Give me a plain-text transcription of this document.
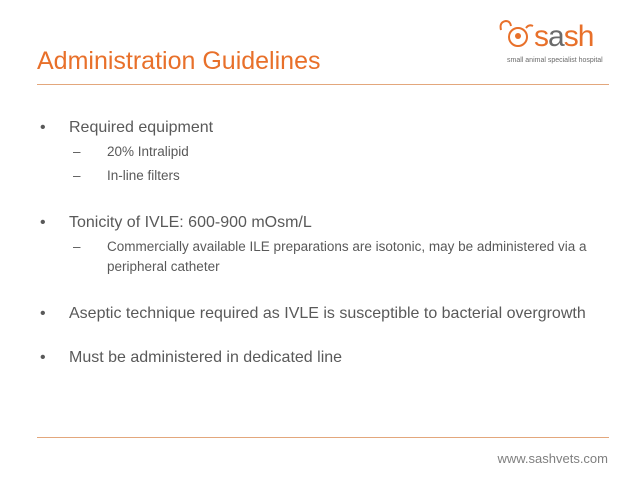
sash
small animal specialist hospital
Administration Guidelines
• Required equipment
– 20% Intralipid
– In-line filters
• Tonicity of IVLE: 600-900 mOsm/L
– Commercially available ILE preparations are isotonic, may be administered via a peripheral catheter
• Aseptic technique required as IVLE is susceptible to bacterial overgrowth
• Must be administered in dedicated line
www.sashvets.com
